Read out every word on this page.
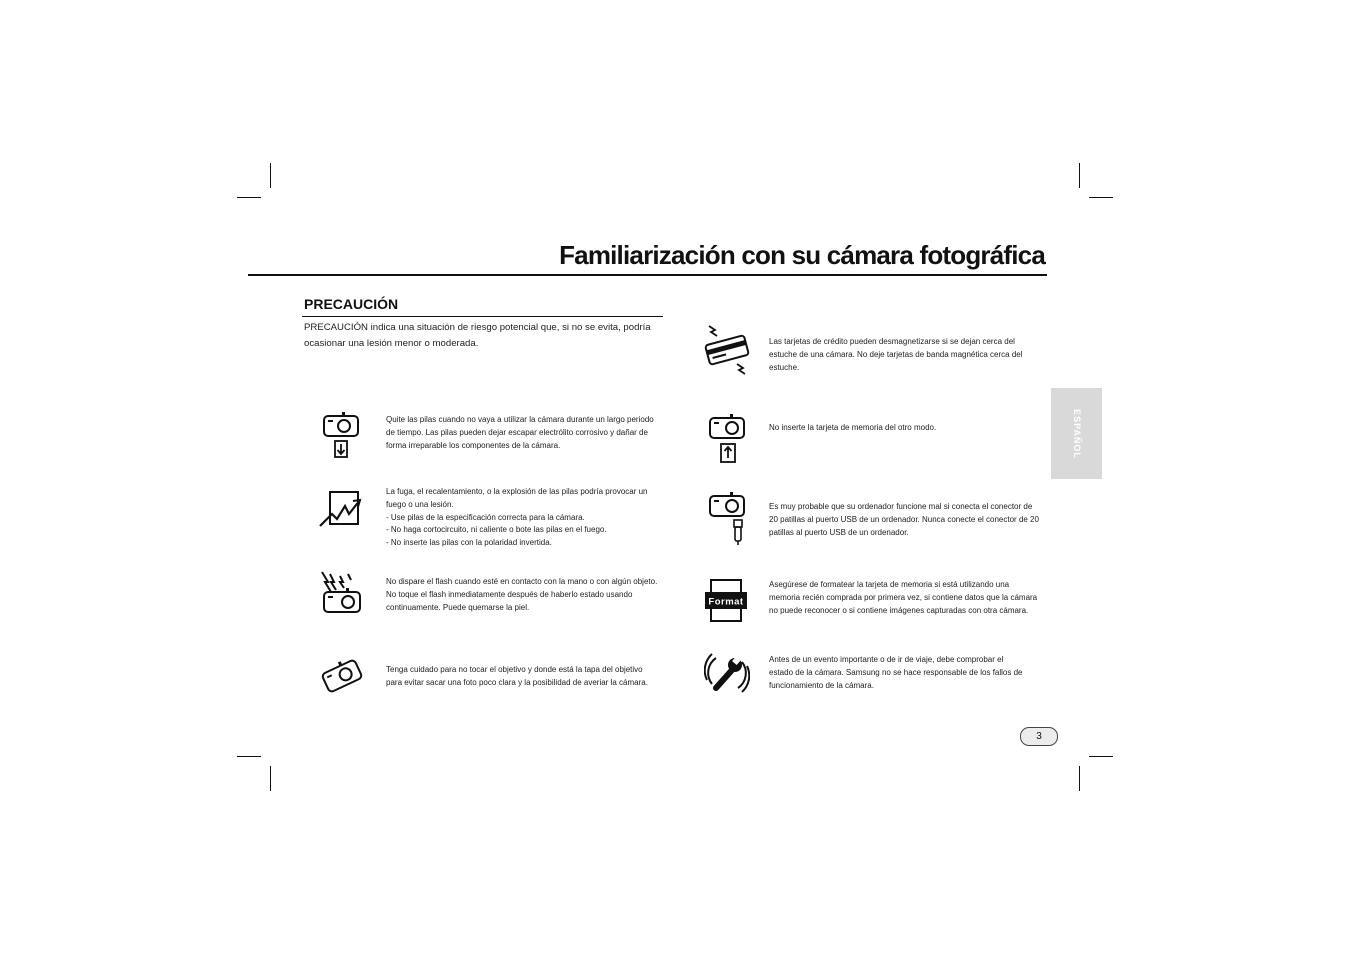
Familiarización con su cámara fotográfica
PRECAUCIÓN
PRECAUCIÓN indica una situación de riesgo potencial que, si no se evita, podría
ocasionar una lesión menor o moderada.
ESPAÑOL
Quite las pilas cuando no vaya a utilizar la cámara durante un largo periodo
de tiempo. Las pilas pueden dejar escapar electrólito corrosivo y dañar de
forma irreparable los componentes de la cámara.
La fuga, el recalentamiento, o la explosión de las pilas podría provocar un
fuego o una lesión.
- Use pilas de la especificación correcta para la cámara.
- No haga cortocircuito, ni caliente o bote las pilas en el fuego.
- No inserte las pilas con la polaridad invertida.
No dispare el flash cuando esté en contacto con la mano o con algún objeto.
No toque el flash inmediatamente después de haberlo estado usando
continuamente. Puede quemarse la piel.
Tenga cuidado para no tocar el objetivo y donde está la tapa del objetivo
para evitar sacar una foto poco clara y la posibilidad de averiar la cámara.
Format
Las tarjetas de crédito pueden desmagnetizarse si se dejan cerca del
estuche de una cámara. No deje tarjetas de banda magnética cerca del
estuche.
No inserte la tarjeta de memoria del otro modo.
Es muy probable que su ordenador funcione mal si conecta el conector de
20 patillas al puerto USB de un ordenador. Nunca conecte el conector de 20
patillas al puerto USB de un ordenador.
Asegúrese de formatear la tarjeta de memoria si está utilizando una
memoria recién comprada por primera vez, si contiene datos que la cámara
no puede reconocer o si contiene imágenes capturadas con otra cámara.
Antes de un evento importante o de ir de viaje, debe comprobar el
estado de la cámara. Samsung no se hace responsable de los fallos de
funcionamiento de la cámara.
3
